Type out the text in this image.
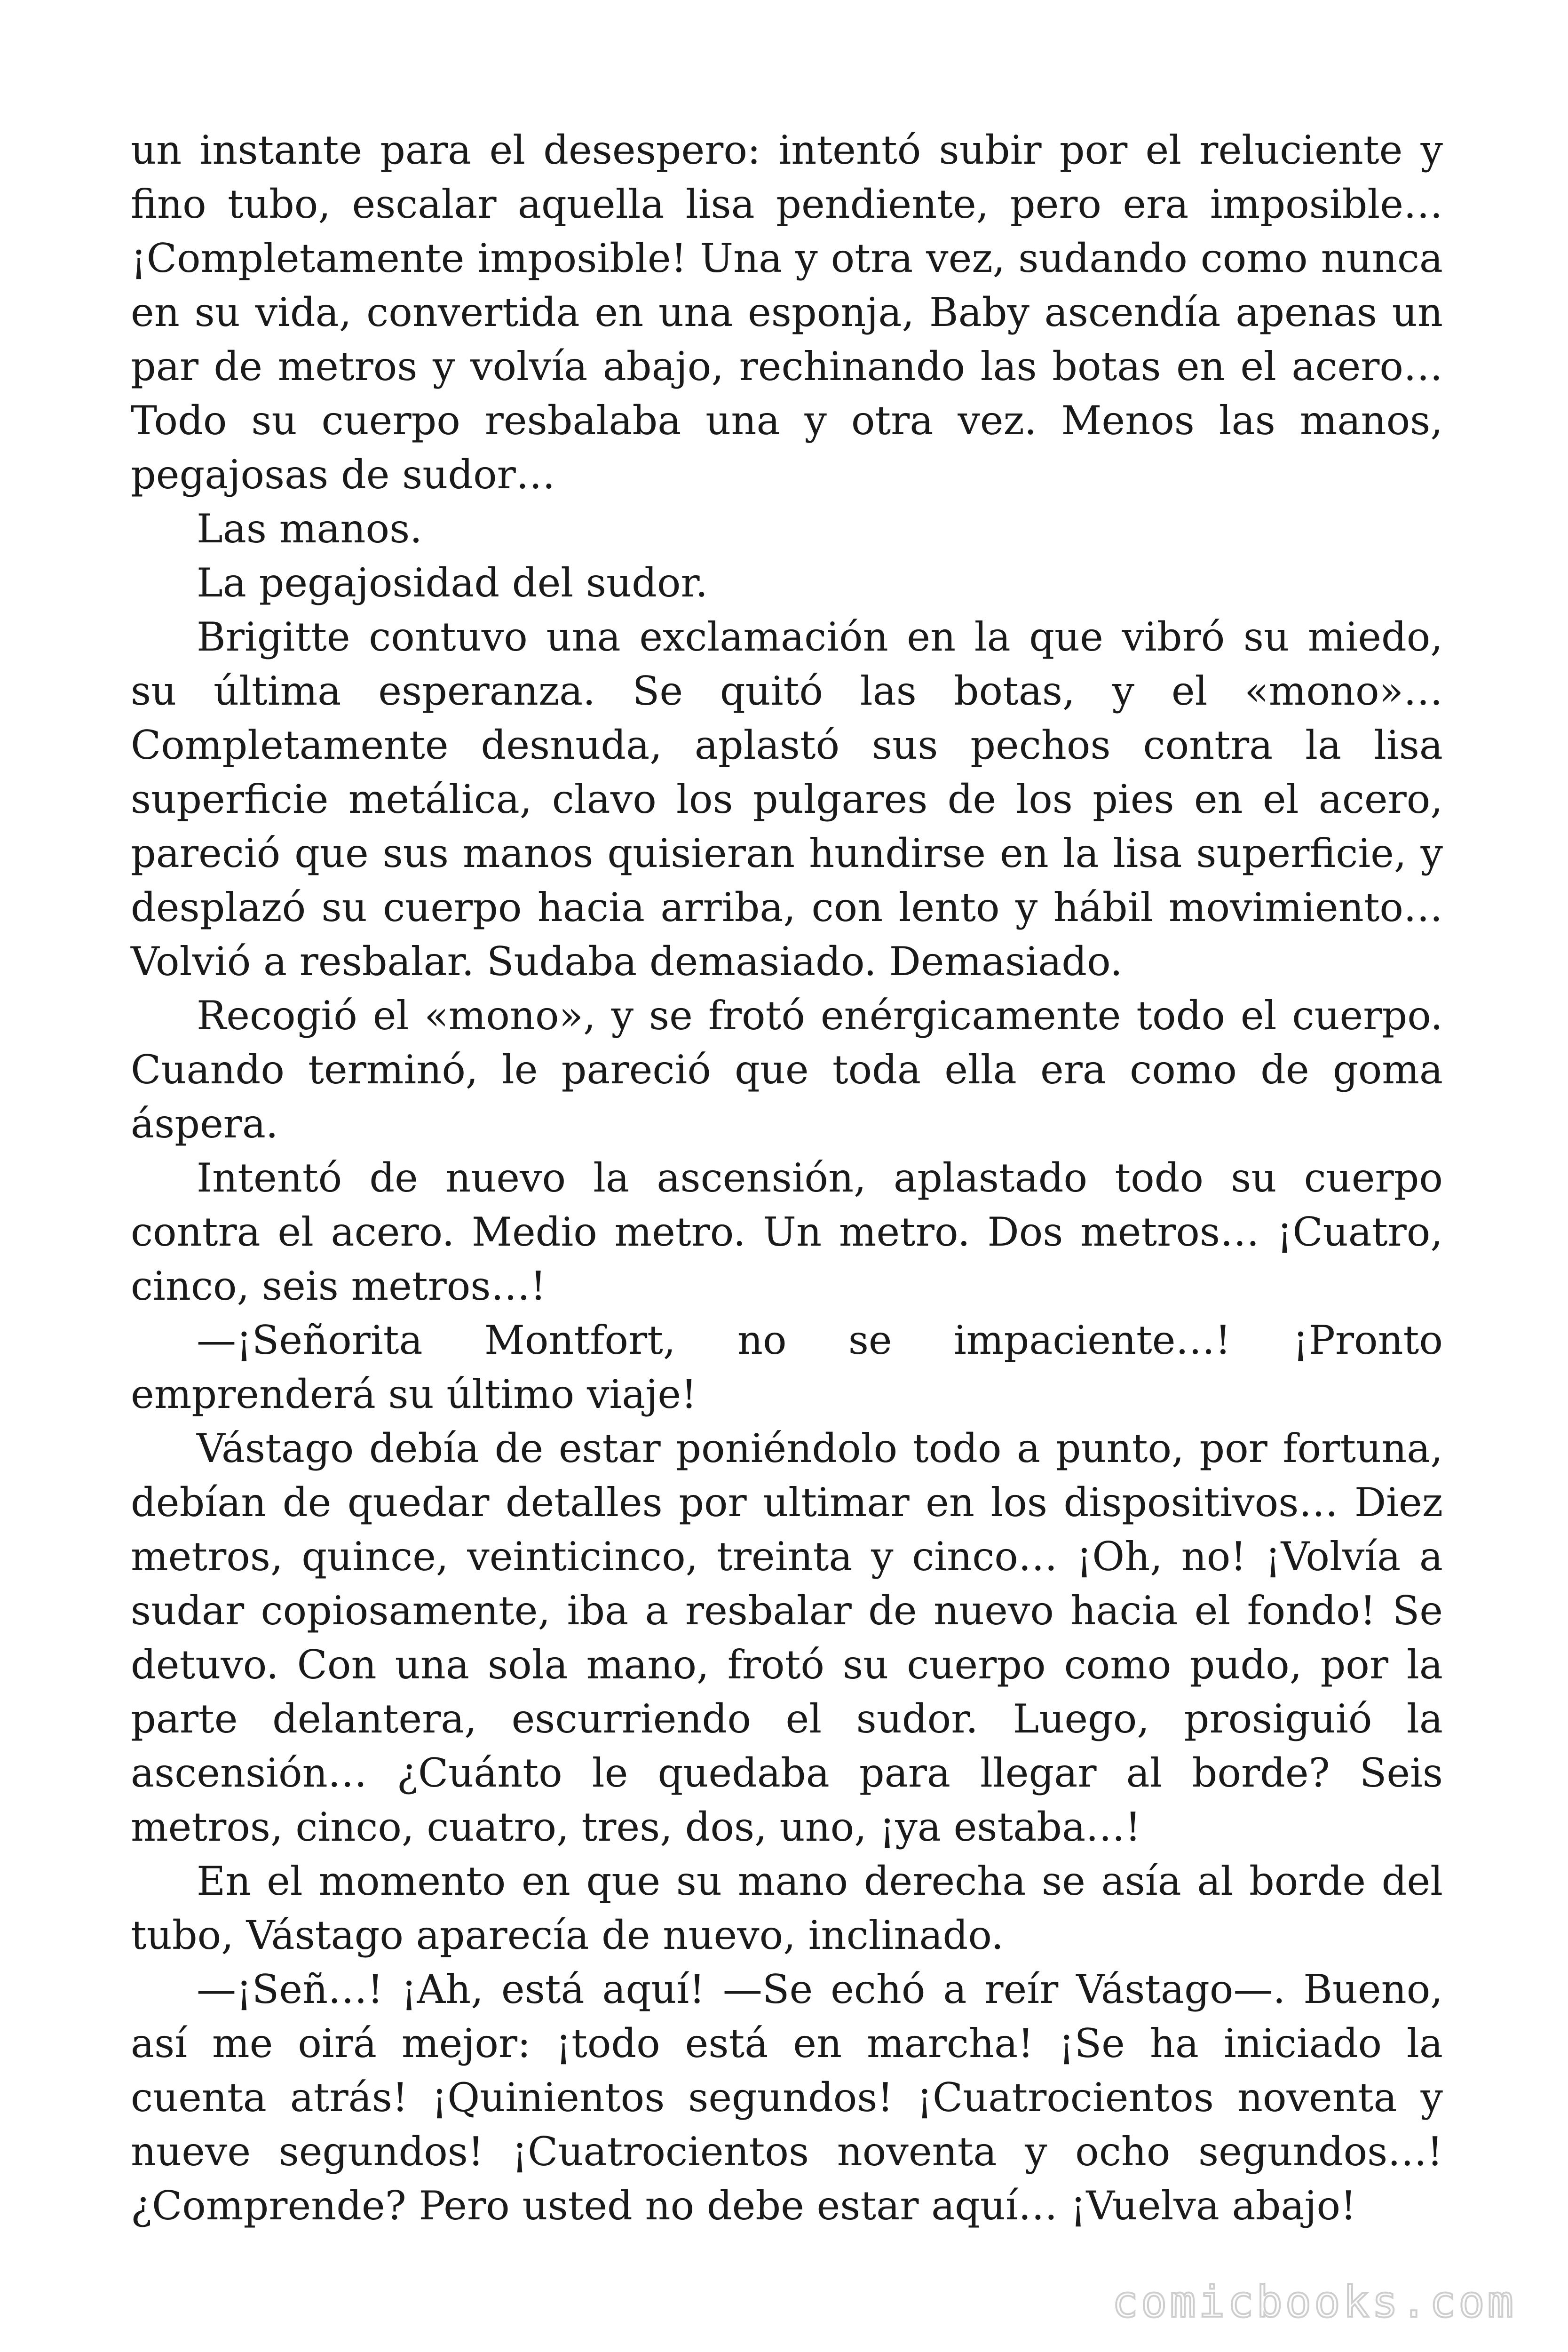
un instante para el desespero: intentó subir por el reluciente y fino tubo, escalar aquella lisa pendiente, pero era imposible… ¡Completamente imposible! Una y otra vez, sudando como nunca en su vida, convertida en una esponja, Baby ascendía apenas un par de metros y volvía abajo, rechinando las botas en el acero… Todo su cuerpo resbalaba una y otra vez. Menos las manos, pegajosas de sudor…

Las manos.

La pegajosidad del sudor.

Brigitte contuvo una exclamación en la que vibró su miedo, su última esperanza. Se quitó las botas, y el «mono»… Completamente desnuda, aplastó sus pechos contra la lisa superficie metálica, clavo los pulgares de los pies en el acero, pareció que sus manos quisieran hundirse en la lisa superficie, y desplazó su cuerpo hacia arriba, con lento y hábil movimiento… Volvió a resbalar. Sudaba demasiado. Demasiado.

Recogió el «mono», y se frotó enérgicamente todo el cuerpo. Cuando terminó, le pareció que toda ella era como de goma áspera.

Intentó de nuevo la ascensión, aplastado todo su cuerpo contra el acero. Medio metro. Un metro. Dos metros… ¡Cuatro, cinco, seis metros…!

—¡Señorita Montfort, no se impaciente…! ¡Pronto emprenderá su último viaje!

Vástago debía de estar poniéndolo todo a punto, por fortuna, debían de quedar detalles por ultimar en los dispositivos… Diez metros, quince, veinticinco, treinta y cinco… ¡Oh, no! ¡Volvía a sudar copiosamente, iba a resbalar de nuevo hacia el fondo! Se detuvo. Con una sola mano, frotó su cuerpo como pudo, por la parte delantera, escurriendo el sudor. Luego, prosiguió la ascensión… ¿Cuánto le quedaba para llegar al borde? Seis metros, cinco, cuatro, tres, dos, uno, ¡ya estaba…!

En el momento en que su mano derecha se asía al borde del tubo, Vástago aparecía de nuevo, inclinado.

—¡Señ…! ¡Ah, está aquí! —Se echó a reír Vástago—. Bueno, así me oirá mejor: ¡todo está en marcha! ¡Se ha iniciado la cuenta atrás! ¡Quinientos segundos! ¡Cuatrocientos noventa y nueve segundos! ¡Cuatrocientos noventa y ocho segundos…! ¿Comprende? Pero usted no debe estar aquí… ¡Vuelva abajo!

comicbooks.com
